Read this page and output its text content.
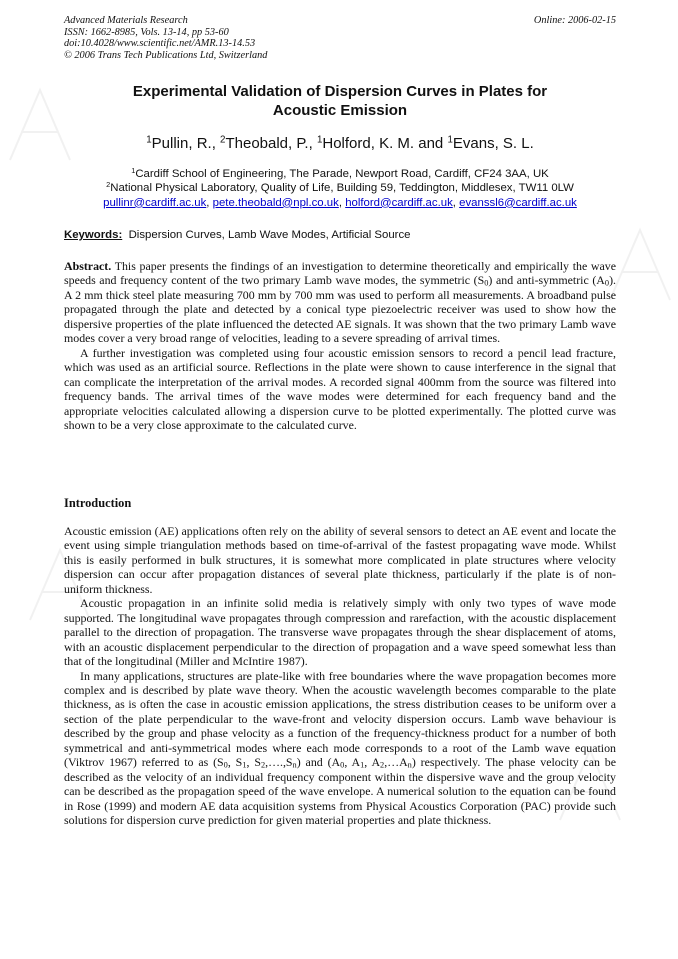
Advanced Materials Research
ISSN: 1662-8985, Vols. 13-14, pp 53-60
doi:10.4028/www.scientific.net/AMR.13-14.53
© 2006 Trans Tech Publications Ltd, Switzerland
Online: 2006-02-15
Experimental Validation of Dispersion Curves in Plates for
Acoustic Emission
$^1$Pullin, R., $^2$Theobald, P., $^1$Holford, K. M. and $^1$Evans, S. L.
$^1$Cardiff School of Engineering, The Parade, Newport Road, Cardiff, CF24 3AA, UK
$^2$National Physical Laboratory, Quality of Life, Building 59, Teddington, Middlesex, TW11 0LW
pullinr@cardiff.ac.uk, pete.theobald@npl.co.uk, holford@cardiff.ac.uk, evanssl6@cardiff.ac.uk
Keywords: Dispersion Curves, Lamb Wave Modes, Artificial Source

Abstract. This paper presents the findings of an investigation to determine theoretically and empirically the wave speeds and frequency content of the two primary Lamb wave modes, the symmetric $(S_0)$ and anti-symmetric $(A_0)$. A 2 mm thick steel plate measuring 700 mm by 700 mm was used to perform all measurements. A broadband pulse propagated through the plate and detected by a conical type piezoelectric receiver was used to show how the dispersive properties of the plate influenced the detected AE signals. It was shown that the two primary Lamb wave modes cover a very broad range of velocities, leading to a severe spreading of arrival times.

A further investigation was completed using four acoustic emission sensors to record a pencil lead fracture, which was used as an artificial source. Reflections in the plate were shown to cause interference in the signal that can complicate the interpretation of the arrival modes. A recorded signal 400mm from the source was filtered into frequency bands. The arrival times of the wave modes were determined for each frequency band and the appropriate velocities calculated allowing a dispersion curve to be plotted experimentally. The plotted curve was shown to be a very close approximate to the calculated curve.

Introduction

Acoustic emission (AE) applications often rely on the ability of several sensors to detect an AE event and locate the event using simple triangulation methods based on time-of-arrival of the fastest propagating wave mode. Whilst this is easily performed in bulk structures, it is somewhat more complicated in plate structures where velocity dispersion can occur after propagation distances of several plate thickness, particularly if the plate is of non-uniform thickness.

Acoustic propagation in an infinite solid media is relatively simply with only two types of wave mode supported. The longitudinal wave propagates through compression and rarefaction, with the acoustic displacement parallel to the direction of propagation. The transverse wave propagates through the shear displacement of atoms, with an acoustic displacement perpendicular to the direction of propagation and a wave speed somewhat less than that of the longitudinal (Miller and McIntire 1987).

In many applications, structures are plate-like with free boundaries where the wave propagation becomes more complex and is described by plate wave theory. When the acoustic wavelength becomes comparable to the plate thickness, as is often the case in acoustic emission applications, the stress distribution ceases to be uniform over a section of the plate perpendicular to the wave-front and velocity dispersion occurs. Lamb wave behaviour is described by the group and phase velocity as a function of the frequency-thickness product for a number of both symmetrical and anti-symmetrical modes where each mode corresponds to a root of the Lamb wave equation (Viktrov 1967) referred to as ($S_0$, $S_1$, $S_2,\dots.,S_n$) and ($A_0$, $A_1$, $A_2,\dots A_n$) respectively. The phase velocity can be described as the velocity of an individual frequency component within the dispersive wave and the group velocity can be described as the propagation speed of the wave envelope. A numerical solution to the equation can be found in Rose (1999) and modern AE data acquisition systems from Physical Acoustics Corporation (PAC) provide such solutions for dispersion curve prediction for given material properties and plate thickness.
